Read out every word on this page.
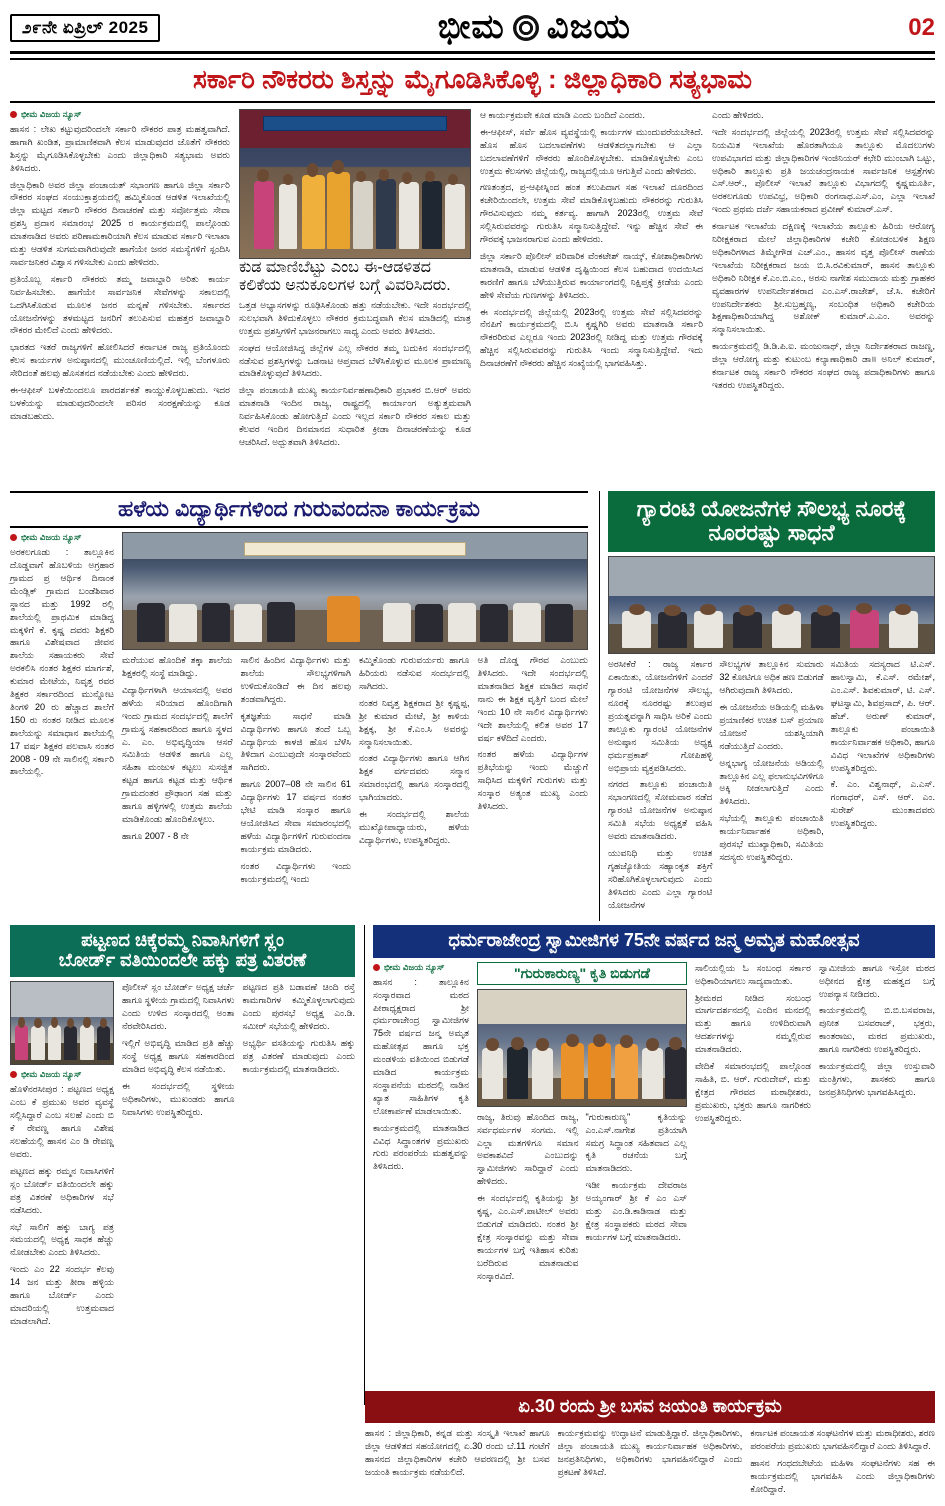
೨೯ನೇ ಏಪ್ರಿಲ್ 2025	ಭೀಮ ವಿಜಯ	02
ಸರ್ಕಾರಿ ನೌಕರರು ಶಿಸ್ತನ್ನು ಮೈಗೂಡಿಸಿಕೊಳ್ಳಿ : ಜಿಲ್ಲಾಧಿಕಾರಿ ಸತ್ಯಭಾಮ
ಭೀಮ ವಿಜಯ ನ್ಯೂಸ್

ಹಾಸನ : ಲೇಖ ಕಟ್ಟುವುದರಿಂದಲೇ ಸರ್ಕಾರಿ ನೌಕರರ ಪಾತ್ರ ಮಹತ್ವವಾಗಿದೆ. ಹಾಗಾಗಿ ಖಂಡಿತ, ಪ್ರಾಮಾಣಿಕವಾಗಿ ಕೆಲಸ ಮಾಡುವುದರ ಜೊತೆಗೆ ನೌಕರರು ಶಿಸ್ತನ್ನು ಮೈಗೂಡಿಸಿಕೊಳ್ಳಬೇಕು ಎಂದು ಜಿಲ್ಲಾಧಿಕಾರಿ ಸತ್ಯಭಾಮ ಅವರು ತಿಳಿಸಿದರು.

ಜಿಲ್ಲಾಧಿಕಾರಿ ಅವರ ಜಿಲ್ಲಾ ಪಂಚಾಯತ್ ಸಭಾಂಗಣ ಹಾಗೂ ಜಿಲ್ಲಾ ಸರ್ಕಾರಿ ನೌಕರರ ಸಂಘದ ಸಂಯುಕ್ತಾಶ್ರಯದಲ್ಲಿ ಹಮ್ಮಿಕೊಂಡ ಆಡಳಿತ ಇಲಾಖೆಯಲ್ಲಿ ಜಿಲ್ಲಾ ಮಟ್ಟದ ಸರ್ಕಾರಿ ನೌಕರರ ದಿನಾಚರಣೆ ಮತ್ತು ಸರ್ವೋತ್ತಮ ಸೇವಾ ಪ್ರಶಸ್ತಿ ಪ್ರದಾನ ಸಮಾರಂಭ 2025 ರ ಕಾರ್ಯಕ್ರಮದಲ್ಲಿ ಪಾಲ್ಗೊಂಡು ಮಾತನಾಡಿದ ಅವರು ಪರಿಣಾಮಕಾರಿಯಾಗಿ ಕೆಲಸ ಮಾಡುವ ಸರ್ಕಾರಿ ಇಲಾಖಾ ಮತ್ತು ಆಡಳಿತ ಸುಗಮವಾಗಿರುವುದೇ ಹಾಗೆಯೇ ಜನರ ಸಮಸ್ಯೆಗಳಿಗೆ ಸ್ಪಂದಿಸಿ ಸಾರ್ವಜನಿಕರ ವಿಶ್ವಾಸ ಗಳಿಸಬೇಕು ಎಂದು ಹೇಳಿದರು.

ಪ್ರತಿಯೊಬ್ಬ ಸರ್ಕಾರಿ ನೌಕರರು ತಮ್ಮ ಜವಾಬ್ದಾರಿ ಅರಿತು ಕಾರ್ಯ ನಿರ್ವಹಿಸಬೇಕು. ಹಾಗೆಯೇ ಸಾರ್ವಜನಿಕ ಸೇವೆಗಳನ್ನು ಸಕಾಲದಲ್ಲಿ ಒದಗಿಸಿಕೊಡುವ ಮೂಲಕ ಜನರ ಮನ್ನಣೆ ಗಳಿಸಬೇಕು. ಸರ್ಕಾರದ ಯೋಜನೆಗಳನ್ನು ತಳಮಟ್ಟದ ಜನರಿಗೆ ತಲುಪಿಸುವ ಮಹತ್ತರ ಜವಾಬ್ದಾರಿ ನೌಕರರ ಮೇಲಿದೆ ಎಂದು ಹೇಳಿದರು.

ಭಾರತದ ಇತರೆ ರಾಜ್ಯಗಳಿಗೆ ಹೋಲಿಸಿದರೆ ಕರ್ನಾಟಕ ರಾಜ್ಯ ಪ್ರತಿಯೊಂದು ಕೆಲಸ ಕಾರ್ಯಗಳ ಅನುಷ್ಠಾನದಲ್ಲಿ ಮುಂಚೂಣಿಯಲ್ಲಿದೆ. ಇಲ್ಲಿ ಬೆಂಗಳೂರು ಸೇರಿದಂತೆ ಹಲವು ಹೊಸತನದ ನಡೆಯಬೇಕು ಎಂದು ಹೇಳಿದರು.

ಈ-ಆಫೀಸ್ ಬಳಕೆಯಿಂದಲೂ ಪಾರದರ್ಶಕತೆ ಕಾಯ್ದುಕೊಳ್ಳಬಹುದು. ಇದರ ಬಳಕೆಯನ್ನು ಮಾಡುವುದರಿಂದಲೇ ಪರಿಸರ ಸಂರಕ್ಷಣೆಯನ್ನು ಕೂಡ ಮಾಡಬಹುದು.

ಕುಡ ಮಾಣಿಬೆಟ್ಟು ಎಂಬ ಈ-ಆಡಳಿತದ ಕಲಿಕೆಯ ಅನುಕೂಲಗಳ ಬಗ್ಗೆ ವಿವರಿಸಿದರು.

ಒತ್ತಡ ಅಭ್ಯಾಸಗಳನ್ನು ರೂಢಿಸಿಕೊಂಡು ಹತ್ತು ನಡೆಯಬೇಕು. ಇದೇ ಸಂದರ್ಭದಲ್ಲಿ ಸುಲಭವಾಗಿ ತಿಳಿದುಕೊಳ್ಳಲು ನೌಕರರ ಕ್ರಮಬದ್ಧವಾಗಿ ಕೆಲಸ ಮಾಡಿದಲ್ಲಿ ಮಾತ್ರ ಉತ್ತಮ ಪ್ರಶಸ್ತಿಗಳಿಗೆ ಭಾಜನರಾಗಲು ಸಾಧ್ಯ ಎಂದು ಅವರು ತಿಳಿಸಿದರು.

ಸಂಘದ ಆಯೋಜಿಸಿದ್ದ ಜಿಲ್ಲೆಗಳ ಎಲ್ಲ ನೌಕರರ ತಮ್ಮ ಬದುಕಿನ ಸಂದರ್ಭದಲ್ಲಿ ನಡೆಸುವ ಪ್ರಶಸ್ತಿಗಳನ್ನು ಒಡನಾಟ ಆಪ್ತವಾದ ಬೆಳೆಸಿಕೊಳ್ಳುವ ಮೂಲಕ ಪ್ರಾಮಾಣ್ಯ ಮಾಡಿಕೊಳ್ಳುವುದೆ ತಿಳಿಸಿದರು.

ಜಿಲ್ಲಾ ಪಂಚಾಯತಿ ಮುಖ್ಯ ಕಾರ್ಯನಿರ್ವಹಣಾಧಿಕಾರಿ ಪ್ರಭಾಕರ ಬಿ.ಆರ್ ಅವರು ಮಾತನಾಡಿ ಇಂದಿನ ರಾಜ್ಯ, ರಾಷ್ಟ್ರದಲ್ಲಿ ಕಾರ್ಯಾಂಗ ಅತ್ಯುತ್ತಮವಾಗಿ ನಿರ್ವಹಿಸಿಕೊಂಡು ಹೋಗುತ್ತಿದೆ ಎಂದು ಇಲ್ಲದ ಸರ್ಕಾರಿ ನೌಕರರ ಸಕಾಲ ಮತ್ತು ಕೆಲವರ ಇಂದಿನ ದಿನಮಾನದ ಸುಧಾರಿತ ಕ್ರೀಡಾ ದಿನಾಚರಣೆಯನ್ನು ಕೂಡ ಆಚರಿಸಿದೆ. ಅದ್ಬುತವಾಗಿ ತಿಳಿಸಿದರು.

ಆ ಕಾರ್ಯಕ್ರಮವೇ ಕೂಡ ಮಾಡಿ ಎಂದು ಬಂದಿದೆ ಎಂದರು.

ಈ-ಆಫೀಸ್, ಸರ್ವೆ ಹೊಸ ವ್ಯವಸ್ಥೆಯಲ್ಲಿ ಕಾರ್ಯಗಳ ಮುಂದುವರೆಯಬೇಕಿದೆ. ಹೊಸ ಹೊಸ ಬದಲಾವಣೆಗಳು ಆಡಳಿತದಲ್ಲಾಗಬೇಕು ಆ ಎಲ್ಲಾ ಬದಲಾವಣೆಗಳಿಗೆ ನೌಕರರು ಹೊಂದಿಕೊಳ್ಳಬೇಕು. ಮಾಡಿಕೊಳ್ಳಬೇಕು ಎಂಬ ಉತ್ತಮ ಕೆಲಸಗಳು ಜಿಲ್ಲೆಯಲ್ಲಿ, ರಾಜ್ಯದಲ್ಲಿಯೂ ಆಗುತ್ತಿವೆ ಎಂದು ಹೇಳಿದರು.

ಗಣತಂತ್ರದ, ಪ್ರ-ಆಫೀಸ್ನಿಂದ ಹಂತ ತಲುಪಿದಾಗ ಸಹ ಇಲಾಖೆ ದೂರದಿಂದ ಕಚೇರಿಯಿಂದಲೇ, ಉತ್ತಮ ಸೇವೆ ಮಾಡಿಕೊಳ್ಳಬಹುದು ನೌಕರರನ್ನು ಗುರುತಿಸಿ ಗೌರವಿಸುವುದು ನಮ್ಮ ಕರ್ತವ್ಯ. ಹಾಗಾಗಿ 2023ರಲ್ಲಿ ಉತ್ತಮ ಸೇವೆ ಸಲ್ಲಿಸಿರುವವರನ್ನು ಗುರುತಿಸಿ ಸನ್ಮಾನಿಸುತ್ತಿದ್ದೇವೆ. ಇನ್ನು ಹೆಚ್ಚಿನ ಸೇವೆ ಈ ಗೌರವಕ್ಕೆ ಭಾಜನರಾಗುವ ಎಂದು ಹೇಳಿದರು.

ಜಿಲ್ಲಾ ಸರ್ಕಾರಿ ಪೊಲೀಸ್ ಪರಿವಾರಿಕ ವೆಂಕಟೇಶ್ ನಾಯ್ಕ್, ಕೋಶಾಧಿಕಾರಿಗಳು ಮಾತನಾಡಿ, ಮಾಡುವ ಆಡಳಿತ ದೃಷ್ಟಿಯಿಂದ ಕೆಲಸ ಬಹುದಾದ ಉದಯಿಸಿದ ಕಾರಣಿಗೆ ಹಾಗೂ ಬೆಳೆಯುತ್ತಿರುವ ಕಾರ್ಯಾಂಗದಲ್ಲಿ ನಿಕ್ಷಿಪ್ತಕ್ಕೆ ಕ್ರೀಡೆಯ ಎಂದು ಹೇಳಿ ಸೇವೆಯ ಗುಣಗಳನ್ನು ತಿಳಿಸಿದರು.

ಈ ಸಂದರ್ಭದಲ್ಲಿ ಜಿಲ್ಲೆಯಲ್ಲಿ 2023ರಲ್ಲಿ ಉತ್ತಮ ಸೇವೆ ಸಲ್ಲಿಸಿದವರನ್ನು ನೆನಪಿಗೆ ಕಾರ್ಯಕ್ರಮದಲ್ಲಿ ಬಿ.ಸಿ ಕೃಷ್ಣಗಿರಿ ಅವರು ಮಾತನಾಡಿ ಸರ್ಕಾರಿ ನೌಕರರಿರುವ ಎಲ್ಲರೂ ಇಂದು 2023ರಲ್ಲಿ ನೀಡಿದ್ದ ಮತ್ತು ಉತ್ತಮ ಗೌರವಕ್ಕೆ ಹೆಚ್ಚಿನ ಸಲ್ಲಿಸಿರುವವರನ್ನು ಗುರುತಿಸಿ ಇಂದು ಸನ್ಮಾನಿಸುತ್ತಿದ್ದೇವೆ. ಇದು ದಿನಾಚರಣೆಗೆ ನೌಕರರು ಹೆಚ್ಚಿನ ಸಂಖ್ಯೆಯಲ್ಲಿ ಭಾಗವಹಿಸಿತ್ತು.

ಎಂದು ಹೇಳಿದರು.

ಇದೇ ಸಂದರ್ಭದಲ್ಲಿ ಜಿಲ್ಲೆಯಲ್ಲಿ 2023ರಲ್ಲಿ ಉತ್ತಮ ಸೇವೆ ಸಲ್ಲಿಸಿದವರನ್ನು ನಿಯಮಿತ ಇಲಾಖೆಯ ಹೊರತಾಗಿಯೂ ತಾಲ್ಲೂಕು ಮೊದಲುಗಳು ಉಪವಿಭಾಗದ ಮತ್ತು ಜಿಲ್ಲಾಧಿಕಾರಿಗಳ ಇಂಜಿನಿಯರ್ ಕಛೇರಿ ಮುಂಬಾಗಿ ಒಟ್ಟು, ಅಧಿಕಾರಿ ತಾಲ್ಲೂಕು ಪ್ರತಿ ಜಯಚಂದ್ರನಾಯಕ ಸಾರ್ವಜನಿಕ ಆಸ್ಪತ್ರೆಗಳು ಎಸ್.ಆರ್., ಪೊಲೀಸ್ ಇಲಾಖೆ ತಾಲ್ಲೂಕು ವಿಭಾಗದಲ್ಲಿ ಕೃಷ್ಣಮೂರ್ತಿ, ಅರಕಲಗೂಡು ಉಪವಿಭ್ರ, ಅಧಿಕಾರಿ ರಂಗನಾಥ.ಎಸ್.ಎಂ, ಎಲ್ಲಾ ಇಲಾಖೆ ಇಂದು ಪ್ರಥಮ ದರ್ಜೆ ಸಹಾಯಕರಾದ ಪ್ರವೀಣ್ ಕುಮಾರ್.ಎಸ್.

ಕರ್ನಾಟಕ ಇಲಾಖೆಯ ದಕ್ಷಿಣಕ್ಕೆ ಇಲಾಖೆಯ ತಾಲ್ಲೂಕು ಹಿರಿಯ ಆರೋಗ್ಯ ನಿರೀಕ್ಷಕರಾದ ಮೇಲೆ ಜಿಲ್ಲಾಧಿಕಾರಿಗಳ ಕಚೇರಿ ಕೋಡಂಬಳಿಕ ಶಿಕ್ಷಣ ಅಧಿಕಾರಿಗಳಾದ ತಿಮ್ಮೇಗೌಡ ಎಚ್.ಎಂ., ಹಾಸನ ವೃತ್ತ ಪೊಲೀಸ್ ಠಾಣೆಯ ಇಲಾಖೆಯ ನಿರೀಕ್ಷಕರಾದ ಜಯ ಬಿ.ಸಿ.ರವಿಕುಮಾರ್, ಹಾಸನ ತಾಲ್ಲೂಕು ಅಧಿಕಾರಿ ನಿರೀಕ್ಷಕ ಕೆ.ಎಂ.ಬಿ.ಎಂ., ಅರಸು ನಾಗೇಶ ಸಮುದಾಯ ಮತ್ತು ಗ್ರಾಹಕರ ವ್ಯವಹಾರಗಳ ಉಪನಿರ್ದೇಶಕರಾದ ಎಂ.ಎಸ್.ರಾಜೇಶ್, ಜೆ.ಸಿ. ಕಚೇರಿಗೆ ಉಪನಿರ್ದೇಶಕರು ಶ್ರೀ.ಸುಬ್ರಹ್ಮಣ್ಯ, ಸಂಬಂಧಿತ ಅಧಿಕಾರಿ ಕಚೇರಿಯ ಶಿಕ್ಷಣಾಧಿಕಾರಿಯಾಗಿದ್ದ ಅಶೋಕ್ ಕುಮಾರ್.ಎ.ಎಂ. ಅವರನ್ನು ಸನ್ಮಾನಿಸಲಾಯಿತು.

ಕಾರ್ಯಕ್ರಮದಲ್ಲಿ ಡಿ.ಡಿ.ಪಿ.ಐ. ಮಂಜುನಾಥ್, ಜಿಲ್ಲಾ ನಿರ್ದೇಶಕರಾದ ರಾಜಣ್ಣ, ಜಿಲ್ಲಾ ಆರೋಗ್ಯ ಮತ್ತು ಕುಟುಂಬ ಕಲ್ಯಾಣಾಧಿಕಾರಿ ಡಾ॥ ಅನಿಲ್ ಕುಮಾರ್, ಕರ್ನಾಟಕ ರಾಜ್ಯ ಸರ್ಕಾರಿ ನೌಕರರ ಸಂಘದ ರಾಜ್ಯ ಪದಾಧಿಕಾರಿಗಳು ಹಾಗೂ ಇತರರು ಉಪಸ್ಥಿತರಿದ್ದರು.

ಹಳೆಯ ವಿದ್ಯಾರ್ಥಿಗಳಿಂದ ಗುರುವಂದನಾ ಕಾರ್ಯಕ್ರಮ
ಭೀಮ ವಿಜಯ ನ್ಯೂಸ್

ಅರಕಲಗೂಡು : ತಾಲ್ಲೂಕಿನ ದೊಡ್ಡವಾಗೆ ಹೊಬಳಿಯ ಅಗ್ರಹಾರ ಗ್ರಾಮದ ಪ್ರ ಆರ್ಥಿಕ ದಿನಾಂಕ ಮೆಂಡ್ಲಿಕ್ ಗ್ರಾಮದ ಬಂಡೆಶಿವಾರ ಸ್ಥಾನದ ಮತ್ತು 1992 ರಲ್ಲಿ ಶಾಲೆಯಲ್ಲಿ ಪ್ರಾಥಮಿಕ ಮಾಡಿದ್ದ ಮಕ್ಕಳಿಗೆ ಕೆ. ಕೃಷ್ಣ ದವರು ಶಿಕ್ಷಕರಿ ಹಾಗೂ ವಿಶೇಷವಾದ ಜೀವನ ಶಾಲೆಯ ಸಹಾಯಕರು ಸೇವೆ ಅರಕಲಿಸಿ ನಂತರ ಶಿಕ್ಷಕರ ಮಾರ್ಗಶೆ, ಕುಮಾರ ಮೇಟೆಯ, ನಿವೃತ್ತ ರವರ ತಿಕ್ಷಕರ ಸರ್ಕಾರದಿಂದ ಮುನ್ನೋಟ ತಿಂಗಳಿ 20 ರು ಹೆಚ್ಚಾದ ಶಾಲೆಗೆ 150 ರು ನಂತರ ನೀಡಿದ ಮೂಲಕ ಶಾಲೆಯನ್ನು ಸಮಾಧಾನ ಶಾಲೆಯಲ್ಲಿ 17 ವರ್ಷ ಶಿಕ್ಷಕರ ಪಲವಾಸಿ ನಂತರ 2008 - 09 ನೇ ಸಾಲಿನಲ್ಲಿ ಸರ್ಕಾರಿ ಶಾಲೆಯಲ್ಲಿ.

ಮರೆಯುವ ಹೊಂದಿಕೆ ತಕ್ಕಾ ಶಾಲೆಯ ಶಿಕ್ಷಕರಲ್ಲಿ ಸಂಸ್ಥೆ ಮಾಡಿದ್ದು.

ವಿದ್ಯಾರ್ಥಿಗಳಾಗಿ ಆಯಾಸದಲ್ಲಿ ಅವರ ಹಳೆಯ ಸರಿಯಾದ ಹೊಂದಿಗಾಗಿ ಇಂದು ಗ್ರಾಮದ ಸಂದರ್ಭದಲ್ಲಿ ಶಾಲೆಗೆ ಗ್ರಾಮಸ್ಥ ಸಹಕಾರದಿಂದ ಹಾಗೂ ಸ್ಥಳದ ಎ. ಎಂ. ಅಭಿವೃದ್ಧಿಯಾ ಆಸರೆ ಸಮಿತಿಯ ಆಡಳಿತ ಹಾಗೂ ಎಲ್ಲ ಸಹಿತಾ ಮಂಜುಳ ಕಟ್ಟಲು ಸುಸಜ್ಜಿತ ಕಟ್ಟಡ ಹಾಗೂ ಕಟ್ಟಡ ಮತ್ತು ಆರ್ಥಿಕ ಗ್ರಾಮದಂತರ ಪ್ರೌಢಾಂಗ ಸಹ ಮತ್ತು ಹಾಗೂ ಹಳ್ಳಿಗಳಲ್ಲಿ ಉತ್ತಮ ಶಾಲೆಯ ಮಾಡಿಕೊಂಡು ಹೊಂದಿಕೊಳ್ಳಲು.

ಹಾಗೂ 2007 - 8 ನೇ

ಸಾಲಿನ ಹಿಂದಿನ ವಿದ್ಯಾರ್ಥಿಗಳು ಮತ್ತು ಶಾಲೆಯ ಸೌಲಭ್ಯಗಳಿಗಾಗಿ ಉಳಿದುಕೊಂಡಿದೆ ಈ ದಿನ ಹಲವು ತಂಡವಾಗಿದ್ದರು.

ಕೃತಜ್ಞತೆಯ ಸಾಧನೆ ಮಾಡಿ ವಿದ್ಯಾರ್ಥಿಗಳು ಹಾಗೂ ತಂದೆ ಒಬ್ಬ ವಿದ್ಯಾರ್ಥಿಯ ಕಾಳಜಿ ಹೊಸ ಬೆಳೆಸಿ ತಿಳಿದಾಗ ಎಂಬುವುದೇ ಸಂಸ್ಕಾರವೆಂದು ಸಾಗಿದರು.

ಹಾಗೂ 2007–08 ನೇ ಸಾಲಿನ 61 ವಿದ್ಯಾರ್ಥಿಗಳು 17 ವರ್ಷದ ನಂತರ ಭೇಟಿ ಮಾಡಿ ಸಂಸ್ಕಾರ ಹಾಗೂ ಆಯೋಜಿಸಿದ ಸೇವಾ ಸಮಾರಂಭದಲ್ಲಿ ಹಳೆಯ ವಿದ್ಯಾರ್ಥಿಗಳಿಗೆ ಗುರುವಂದನಾ ಕಾರ್ಯಕ್ರಮ ಮಾಡಿದರು.

ನಂತರ ವಿದ್ಯಾರ್ಥಿಗಳು ಇಂದು ಕಾರ್ಯಕ್ರಮದಲ್ಲಿ ಇಂದು

ಕಮ್ಮಿಕೊಂಡು ಗುರುವರ್ಯರು ಹಾಗೂ ಹಿರಿಯರು ನಡೆಸುವ ಸಂದರ್ಭದಲ್ಲಿ ಸಾಗಿದರು.

ನಂತರ ನಿವೃತ್ತ ಶಿಕ್ಷಕರಾದ ಶ್ರೀ ಕೃಷ್ಣಪ್ಪ, ಶ್ರೀ ಕುಮಾರ ಮೇಟೆ, ಶ್ರೀ ಕಾಳಿಯ ಶಿಕ್ಷಕ್ಕ, ಶ್ರೀ ಕೆ.ಎಂ.ಸಿ ಅವರನ್ನು ಸನ್ಮಾನಿಸಲಾಯಿತು.

ನಂತರ ವಿದ್ಯಾರ್ಥಿಗಳು ಹಾಗೂ ಆಗಿನ ಶಿಕ್ಷಕ ವರ್ಗದವರು ಸನ್ಮಾನ ಸಮಾರಂಭದಲ್ಲಿ ಹಾಗೂ ಸಂಸ್ಕಾರದಲ್ಲಿ ಭಾಗಿಯಾದರು.

ಈ ಸಂದರ್ಭದಲ್ಲಿ ಶಾಲೆಯ ಮುಖ್ಯೋಪಾಧ್ಯಾಯರು, ಹಳೆಯ ವಿದ್ಯಾರ್ಥಿಗಳು, ಉಪಸ್ಥಿತರಿದ್ದರು.

ಅತಿ ದೊಡ್ಡ ಗೌರವ ಎಂಬುದು ತಿಳಿಸಿದರು. ಇದೇ ಸಂದರ್ಭದಲ್ಲಿ ಮಾತನಾಡಿದ ಶಿಕ್ಷಕ ಮಾಡಿದ ಸಾಧನೆ ನಾನು ಈ ಶಿಕ್ಷಕ ವೃತ್ತಿಗೆ ಬಂದ ಮೇಲೆ ಇಂದು 10 ನೇ ಸಾಲಿನ ವಿದ್ಯಾರ್ಥಿಗಳು ಇದೇ ಶಾಲೆಯಲ್ಲಿ ಕಲಿತ ಅವರ 17 ವರ್ಷ ಕಳೆದಿದೆ ಎಂದರು.

ನಂತರ ಹಳೆಯ ವಿದ್ಯಾರ್ಥಿಗಳ ಪ್ರತಿಭೆಯನ್ನು ಇಂದು ಮೆಚ್ಚುಗೆ ಸಾಧಿಸಿದ ಮಕ್ಕಳಿಗೆ ಗುರುಗಳು ಮತ್ತು ಸಂಸ್ಕಾರ ಅತ್ಯಂತ ಮುಖ್ಯ ಎಂದು ತಿಳಿಸಿದರು.

ಗ್ಯಾರಂಟಿ ಯೋಜನೆಗಳ ಸೌಲಭ್ಯ ನೂರಕ್ಕೆ ನೂರರಷ್ಟು ಸಾಧನೆ

ಅರಸೀಕೆರೆ : ರಾಜ್ಯ ಸರ್ಕಾರ ಏಕಾಯಿತು, ಯೋಜನೆಗಳಿಗೆ ಎಂದರೆ ಗ್ಯಾರಂಟಿ ಯೋಜನೆಗಳ ಸೌಲಭ್ಯ, ನೂರಕ್ಕೆ ನೂರರಷ್ಟು ತಲುಪುವ ಪ್ರಯತ್ನವನ್ನಾಗಿ ಸಾಧಿಸಿ ಅರಿಕೆ ಎಂದು ತಾಲ್ಲೂಕು ಗ್ಯಾರಂಟಿ ಯೋಜನೆಗಳ ಅನುಷ್ಠಾನ ಸಮಿತಿಯ ಅಧ್ಯಕ್ಷ ಧರ್ಮಪ್ರಕಾಶ್ ಗೋಪಿಹಳ್ಳಿ ಅಭಿಪ್ರಾಯ ವ್ಯಕ್ತಪಡಿಸಿದರು.

ನಗರದ ತಾಲ್ಲೂಕು ಪಂಚಾಯಿತಿ ಸಭಾಂಗಣದಲ್ಲಿ ಸೋಮವಾರ ನಡೆದ ಗ್ಯಾರಂಟಿ ಯೋಜನೆಗಳ ಅನುಷ್ಠಾನ ಸಮಿತಿ ಸಭೆಯ ಅಧ್ಯಕ್ಷತೆ ವಹಿಸಿ ಅವರು ಮಾತನಾಡಿದರು.

ಯುವನಿಧಿ ಮತ್ತು ಉಚಿತ ಗೃಹಜ್ಯೋತಿಯ ಸಹ್ಯಾಂಕೃತ ಶಕ್ತಿಗೆ ಸರಿಹೊಗಿಕೊಳ್ಳಲಾಗುವುದು ಎಂದು ತಿಳಿಸಿದರು ಎಂದು ಎಲ್ಲಾ ಗ್ಯಾರಂಟಿ ಯೋಜನೆಗಳ

ಸೌಲಭ್ಯಗಳ ತಾಲ್ಲೂಕಿನ ಸುಮಾರು 32 ಕೋಟಿಗೂ ಅಧಿಕ ಹಣ ಬಿಡುಗಡೆ ಆಗಿರುವುದಾಗಿ ತಿಳಿಸಿದರು.

ಈ ಯೋಜನೆಯ ಅಡಿಯಲ್ಲಿ ಮಹಿಳಾ ಪ್ರಯಾಣಿಕರ ಉಚಿತ ಬಸ್ ಪ್ರಯಾಣ ಯೋಜನೆ ಯಶಸ್ವಿಯಾಗಿ ನಡೆಯುತ್ತಿದೆ ಎಂದರು.

ಅನ್ನಭಾಗ್ಯ ಯೋಜನೆಯ ಅಡಿಯಲ್ಲಿ ತಾಲ್ಲೂಕಿನ ಎಲ್ಲ ಫಲಾನುಭವಿಗಳಿಗೂ ಅಕ್ಕಿ ನೀಡಲಾಗುತ್ತಿದೆ ಎಂದು ತಿಳಿಸಿದರು.

ಸಭೆಯಲ್ಲಿ ತಾಲ್ಲೂಕು ಪಂಚಾಯಿತಿ ಕಾರ್ಯನಿರ್ವಾಹಕ ಅಧಿಕಾರಿ, ಪುರಸಭೆ ಮುಖ್ಯಾಧಿಕಾರಿ, ಸಮಿತಿಯ ಸದಸ್ಯರು ಉಪಸ್ಥಿತರಿದ್ದರು.

ಸಮಿತಿಯ ಸದಸ್ಯರಾದ ಟಿ.ಎಸ್. ಹಾಲಸ್ವಾಮಿ, ಕೆ.ಎಸ್. ರಮೇಶ್, ಎಂ.ಎಸ್. ಶಿವಕುಮಾರ್, ಟಿ. ಎಸ್. ಘಟಸ್ವಾಮಿ, ಶಿವಪ್ರಸಾದ್, ಪಿ. ಆರ್. ಹೆಚ್. ಅರುಣ್ ಕುಮಾರ್, ತಾಲ್ಲೂಕು ಪಂಚಾಯಿತಿ ಕಾರ್ಯನಿರ್ವಾಹಕ ಅಧಿಕಾರಿ, ಹಾಗೂ ವಿವಿಧ ಇಲಾಖೆಗಳ ಅಧಿಕಾರಿಗಳು ಉಪಸ್ಥಿತರಿದ್ದರು.

ಕೆ. ಎಂ. ವಿಶ್ವನಾಥ್, ಎ.ಎಸ್. ಗಂಗಾಧರ್, ಎಸ್. ಆರ್. ಎಂ. ಸುರೇಶ್ ಮುಂತಾದವರು ಉಪಸ್ಥಿತರಿದ್ದರು.

ಪಟ್ಟಣದ ಚಿಕ್ಕೆರಮ್ಮ ನಿವಾಸಿಗಳಿಗೆ ಸ್ಲಂ
ಬೋರ್ಡ್ ವತಿಯಿಂದಲೇ ಹಕ್ಕು ಪತ್ರ ವಿತರಣೆ
ಭೀಮ ವಿಜಯ ನ್ಯೂಸ್

ಹೊಳೆನರಸೀಪುರ : ಪಟ್ಟಣದ ಅಧ್ಯಕ್ಷ ಎಂಬ ಕೆ ಪ್ರಮುಖ ಅವರ ವ್ಯವಸ್ಥೆ ಸಲ್ಲಿಸಿದ್ದಾರೆ ಎಂಬ ಸಲಹೆ ಎಂದು ಬಿ ಕೆ ರೇವಣ್ಣ ಹಾಗೂ ವಿಶೇಷ ಸಲಹೆಯಲ್ಲಿ ಹಾಸನ ಎಂ ಡಿ ರೇವಣ್ಣ ಅವರು.

ಪಟ್ಟಣದ ಹಕ್ಕು ರಮ್ಮನ ನಿವಾಸಿಗಳಿಗೆ ಸ್ಲಂ ಬೋರ್ಡ್ ವತಿಯಿಂದಲೇ ಹಕ್ಕು ಪತ್ರ ವಿತರಣೆ ಅಧಿಕಾರಿಗಳ ಸಭೆ ನಡೆಸಿದರು.

ಸಭೆ ಸಾಲಿಗೆ ಹಕ್ಕು ಬಾಗ್ಯ ಪತ್ರ ಸಮಯದಲ್ಲಿ ಅಧ್ಯಕ್ಷ ಸಾಧಕ ಹೆಚ್ಚು ನೋಡಬೇಕು ಎಂದು ತಿಳಿಸಿದರು.

ಇಂದು ಎಂ 22 ಸಂದರ್ಭ ಕೆಲವು 14 ಜನ ಮತ್ತು ತೀರಾ ಹಳ್ಳಿಯ ಹಾಗೂ ಬೋರ್ಡ್ ಎಂದು ಮಾದರಿಯಲ್ಲಿ ಉತ್ತಮವಾದ ಮಾಡಲಾಗಿದೆ.

ಪೊಲೀಸ್ ಸ್ಲಂ ಬೋರ್ಡ್ ಅಧ್ಯಕ್ಷ ಚರ್ಚೆ ಹಾಗೂ ಸ್ಥಳೀಯ ಗ್ರಾಮದಲ್ಲಿ ನಿವಾಸಿಗಳು ಎಂದು ಉಳಿದ ಸಂಸ್ಕಾರದಲ್ಲಿ ಅಂತಾ ನೆರವೇರಿಸಿದರು.

ಇಲ್ಲಿಗೆ ಅಭಿವೃದ್ಧಿ ಮಾಡಿದ ಪ್ರತಿ ಹೆಚ್ಚು ಸಂಸ್ಥೆ ಅಧ್ಯಕ್ಷ ಹಾಗೂ ಸಹಕಾರದಿಂದ ಮಾಡಿದ ಅಭಿವೃದ್ಧಿ ಕೆಲಸ ನಡೆಯಿತು.

ಈ ಸಂದರ್ಭದಲ್ಲಿ ಸ್ಥಳೀಯ ಅಧಿಕಾರಿಗಳು, ಮುಖಂಡರು ಹಾಗೂ ನಿವಾಸಿಗಳು ಉಪಸ್ಥಿತರಿದ್ದರು.

ಪಟ್ಟಣದ ಪ್ರತಿ ಬಡಾವಣೆ ಚಿಂದಿ ರಸ್ತೆ ಕಾಮಗಾರಿಗಳ ಕಮ್ಮಿಕೊಳ್ಳಲಾಗುವುದು ಎಂದು ಪುರಸಭೆ ಅಧ್ಯಕ್ಷ ಎಂ.ಡಿ. ಸಮೀರ್ ಸಭೆಯಲ್ಲಿ ಹೇಳಿದರು.

ಅಭ್ಯರ್ಥಿ ವಸತಿಯನ್ನು ಗುರುತಿಸಿ ಹಕ್ಕು ಪತ್ರ ವಿತರಣೆ ಮಾಡುವುದು ಎಂದು ಕಾರ್ಯಕ್ರಮದಲ್ಲಿ ಮಾತನಾಡಿದರು.

ಧರ್ಮರಾಜೇಂದ್ರ ಸ್ವಾಮೀಜಿಗಳ 75ನೇ ವರ್ಷದ ಜನ್ಮ ಅಮೃತ ಮಹೋತ್ಸವ
ಭೀಮ ವಿಜಯ ನ್ಯೂಸ್

ಹಾಸನ : ತಾಲ್ಲೂಕಿನ ಸಂಸ್ಕಾರವಾದ ಮಠದ ಪೀಠಾಧ್ಯಕ್ಷರಾದ ಶ್ರೀ ಧರ್ಮರಾಜೇಂದ್ರ ಸ್ವಾಮೀಜಿಗಳ 75ನೇ ವರ್ಷದ ಜನ್ಮ ಅಮೃತ ಮಹೋತ್ಸವ ಹಾಗೂ ಭಕ್ತ ಮಂಡಳಿಯ ವತಿಯಿಂದ ಬಿಡುಗಡೆ ಮಾಡಿದ ಕಾರ್ಯಕ್ರಮ ಸಂಸ್ಥಾಪನೆಯ ಮಠದಲ್ಲಿ ನಾಡಿನ ಖ್ಯಾತ ಸಾಹಿತಿಗಳ ಕೃತಿ ಲೋಕಾರ್ಪಣೆ ಮಾಡಲಾಯಿತು.

ಕಾರ್ಯಕ್ರಮದಲ್ಲಿ ಮಾತನಾಡಿದ ವಿವಿಧ ಸಿದ್ಧಾಂತಗಳ ಪ್ರಮುಖರು ಗುರು ಪರಂಪರೆಯ ಮಹತ್ವವನ್ನು ತಿಳಿಸಿದರು.

"ಗುರುಕಾರುಣ್ಯ" ಕೃತಿ ಬಿಡುಗಡೆ

ರಾಜ್ಯ, ತಿರುವು ಹೊಂದಿದ ರಾಜ್ಯ, ಸರ್ವಧರ್ಮಗಳ ಸಂಗಮ. ಇಲ್ಲಿ ಎಲ್ಲಾ ಮತಗಳಿಗೂ ಸಮಾನ ಅವಕಾಶವಿದೆ ಎಂಬುದನ್ನು ಸ್ವಾಮೀಜಿಗಳು ಸಾರಿದ್ದಾರೆ ಎಂದು ಹೇಳಿದರು.

ಈ ಸಂದರ್ಭದಲ್ಲಿ ಕೃತಿಯನ್ನು ಶ್ರೀ ಕೃಷ್ಣ, ಎಂ.ಎಸ್.ಪಾಟೀಲ್ ಅವರು ಬಿಡುಗಡೆ ಮಾಡಿದರು. ನಂತರ ಶ್ರೀ ಕ್ಷೇತ್ರ ಸಂಸ್ಕಾರವನ್ನು ಮತ್ತು ಸೇವಾ ಕಾರ್ಯಗಳ ಬಗ್ಗೆ ಇತಿಹಾಸ ಕುರಿತು ಬರೆದಿರುವ ಮಾತನಾಡುವ ಸಂಸ್ಕಾರವಿದೆ.

"ಗುರುಕಾರುಣ್ಯ" ಕೃತಿಯನ್ನು ಎಂ.ಎಸ್.ನಾಗೇಶ ಪ್ರತಿಯಾಗಿ ಸಮಗ್ರ ಸಿದ್ಧಾಂತ ಸಹಿತವಾದ ಎಲ್ಲ ಕೃತಿ ರಚನೆಯ ಬಗ್ಗೆ ಮಾತನಾಡಿದರು.

ಇಡೀ ಕಾರ್ಯಕ್ರಮ ದೇವರಾಜ ಅಯ್ಯಂಗಾರ್ ಶ್ರೀ ಕೆ ಎಂ ಎಸ್ ಮತ್ತು ಎಂ.ಡಿ.ಕಾಡಿನಾಡ ಮತ್ತು ಕ್ಷೇತ್ರ ಸಂಸ್ಥಾಪಕರು ಮಠದ ಸೇವಾ ಕಾರ್ಯಗಳ ಬಗ್ಗೆ ಮಾತನಾಡಿದರು.

ಸಾಲಿಯಲ್ಲಿಯ ಓ ಸಂಬಂಧ ಸರ್ಕಾರ ಅಧಿಕಾರಿಯಾಗಲು ಸಾದ್ಯವಾಯಿತು.

ಶ್ರೀಮಠದ ನೀಡಿದ ಸಂಬಂಧ ಮಾರ್ಗದರ್ಶನದಲ್ಲಿ ಎಂದಿನ ಮನದಲ್ಲಿ ಮತ್ತು ಹಾಗೂ ಉಳಿದಿರುವಾಗಿ ಆದರ್ಶಗಳನ್ನು ನಮ್ಮಲ್ಲಿರುವ ಮಾತನಾಡಿದರು.

ವೇದಿಕೆ ಸಮಾರಂಭದಲ್ಲಿ ಪಾಲ್ಗೊಂಡ ಸಾಹಿತಿ, ಬಿ. ಆರ್. ಗುರುದೇವ್, ಮತ್ತು ಕ್ಷೇತ್ರದ ಗೌರವದ ಮಠಾಧೀಶರು, ಪ್ರಮುಖರು, ಭಕ್ತರು ಹಾಗೂ ನಾಗರಿಕರು ಉಪಸ್ಥಿತರಿದ್ದರು.

ಸ್ವಾಮೀಜಿಯ ಹಾಗೂ ಇಸ್ರೋ ಮಠದ ಅಧೀನದ ಕ್ಷೇತ್ರ ಮಹತ್ವದ ಬಗ್ಗೆ ಉಪನ್ಯಾಸ ನೀಡಿದರು.

ಕಾರ್ಯಕ್ರಮದಲ್ಲಿ ಬಿ.ಬಿ.ಬಸವರಾಜ, ಪುನೀತ ಬಸವರಾಜ್, ಭಕ್ತರು, ಕಾಂತರಾಜು, ಮಠದ ಪ್ರಮುಖರು, ಹಾಗೂ ನಾಗರಿಕರು ಉಪಸ್ಥಿತರಿದ್ದರು.

ಕಾರ್ಯಕ್ರಮದಲ್ಲಿ ಜಿಲ್ಲಾ ಉಸ್ತುವಾರಿ ಮಂತ್ರಿಗಳು, ಶಾಸಕರು ಹಾಗೂ ಜನಪ್ರತಿನಿಧಿಗಳು ಭಾಗವಹಿಸಿದ್ದರು.

ಏ.30 ರಂದು ಶ್ರೀ ಬಸವ ಜಯಂತಿ ಕಾರ್ಯಕ್ರಮ

ಹಾಸನ : ಜಿಲ್ಲಾಧಿಕಾರಿ, ಕನ್ನಡ ಮತ್ತು ಸಂಸ್ಕೃತಿ ಇಲಾಖೆ ಹಾಗೂ ಜಿಲ್ಲಾ ಆಡಳಿತದ ಸಹಯೋಗದಲ್ಲಿ ಏ.30 ರಂದು ಬೆ.11 ಗಂಟೆಗೆ ಹಾಸನದ ಜಿಲ್ಲಾಧಿಕಾರಿಗಳ ಕಚೇರಿ ಆವರಣದಲ್ಲಿ ಶ್ರೀ ಬಸವ ಜಯಂತಿ ಕಾರ್ಯಕ್ರಮ ನಡೆಯಲಿದೆ.

ಕಾರ್ಯಕ್ರಮವನ್ನು ಉದ್ಘಾಟನೆ ಮಾಡುತ್ತಿದ್ದಾರೆ. ಜಿಲ್ಲಾಧಿಕಾರಿಗಳು, ಜಿಲ್ಲಾ ಪಂಚಾಯತಿ ಮುಖ್ಯ ಕಾರ್ಯನಿರ್ವಾಹಕ ಅಧಿಕಾರಿಗಳು, ಜನಪ್ರತಿನಿಧಿಗಳು, ಅಧಿಕಾರಿಗಳು ಭಾಗವಹಿಸಲಿದ್ದಾರೆ ಎಂದು ಪ್ರಕಟಣೆ ತಿಳಿಸಿದೆ.

ಕರ್ನಾಟಕ ಪಂಚಾಯತ ಸಂಘಟನೆಗಳ ಮತ್ತು ಮಠಾಧೀಶರು, ಶರಣ ಪರಂಪರೆಯ ಪ್ರಮುಖರು ಭಾಗವಹಿಸಲಿದ್ದಾರೆ ಎಂದು ತಿಳಿಸಿದ್ದಾರೆ.

ಹಾಸನ ಗಂಧದಬೇಟೆಯ ಮಹಿಳಾ ಸಂಘಟನೆಗಳು ಸಹ ಈ ಕಾರ್ಯಕ್ರಮದಲ್ಲಿ ಭಾಗವಹಿಸಿ ಎಂದು ಜಿಲ್ಲಾಧಿಕಾರಿಗಳು ಕೋರಿದ್ದಾರೆ.
